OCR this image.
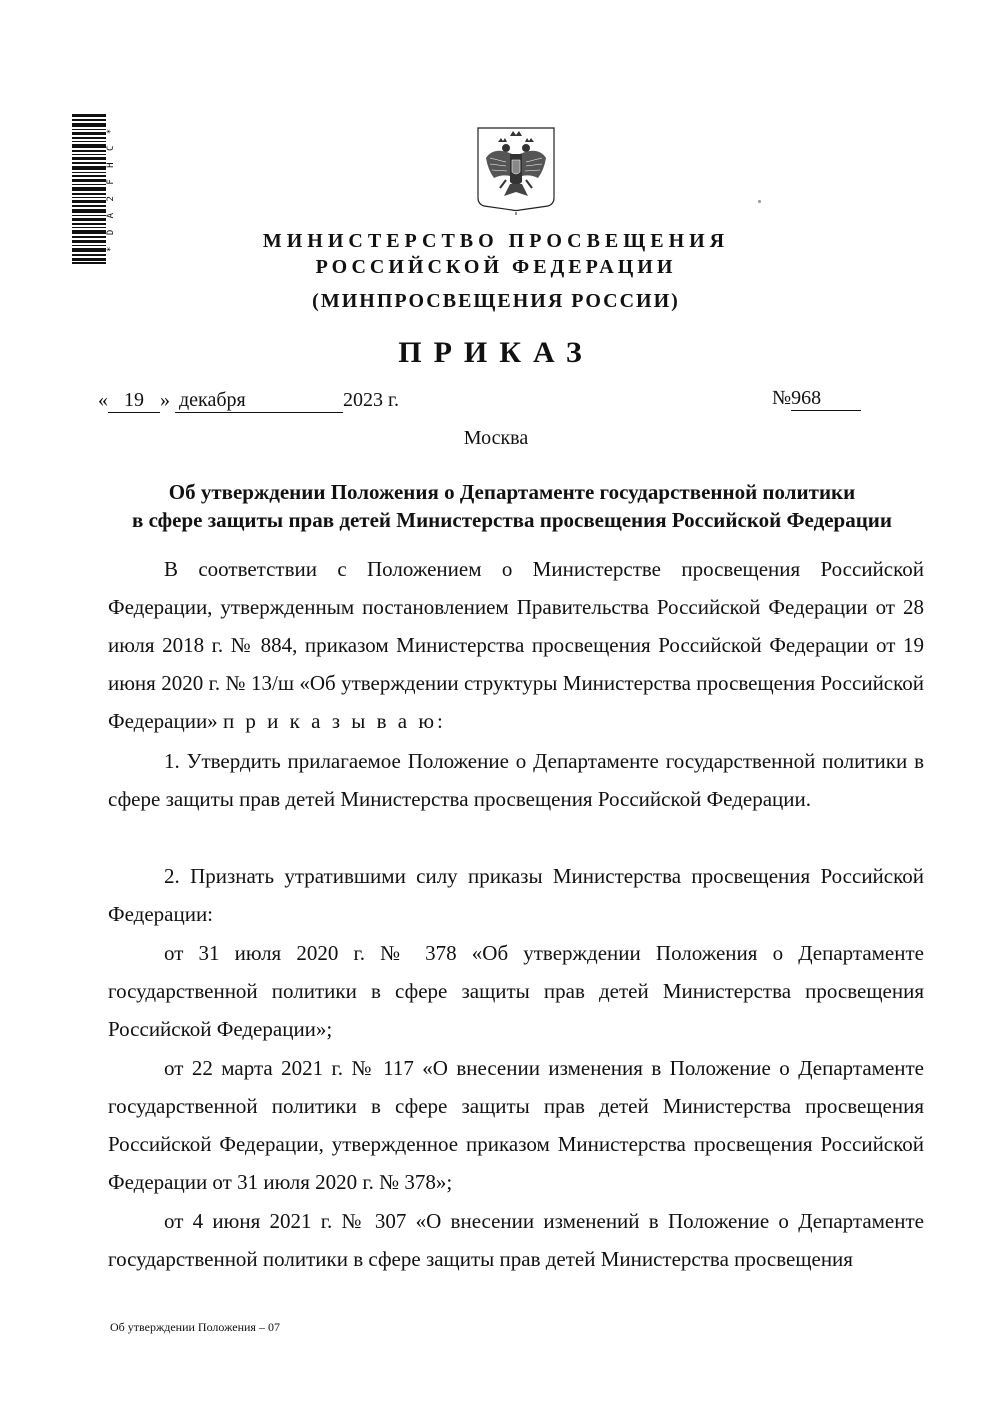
* D A 2 F H C *	МИНИСТЕРСТВО ПРОСВЕЩЕНИЯ
РОССИЙСКОЙ ФЕДЕРАЦИИ
(МИНПРОСВЕЩЕНИЯ РОССИИ)
ПРИКАЗ
« 19 » декабря	2023 г.	№968
Москва
Об утверждении Положения о Департаменте государственной политики
в сфере защиты прав детей Министерства просвещения Российской Федерации
В соответствии с Положением о Министерстве просвещения Российской Федерации, утвержденным постановлением Правительства Российской Федерации от 28 июля 2018 г. № 884, приказом Министерства просвещения Российской Федерации от 19 июня 2020 г. № 13/ш «Об утверждении структуры Министерства просвещения Российской Федерации» п р и к а з ы в а ю:
1. Утвердить прилагаемое Положение о Департаменте государственной политики в сфере защиты прав детей Министерства просвещения Российской Федерации.
2. Признать утратившими силу приказы Министерства просвещения Российской Федерации:
от 31 июля 2020 г. № 378 «Об утверждении Положения о Департаменте государственной политики в сфере защиты прав детей Министерства просвещения Российской Федерации»;
от 22 марта 2021 г. № 117 «О внесении изменения в Положение о Департаменте государственной политики в сфере защиты прав детей Министерства просвещения Российской Федерации, утвержденное приказом Министерства просвещения Российской Федерации от 31 июля 2020 г. № 378»;
от 4 июня 2021 г. № 307 «О внесении изменений в Положение о Департаменте государственной политики в сфере защиты прав детей Министерства просвещения
Об утверждении Положения – 07
